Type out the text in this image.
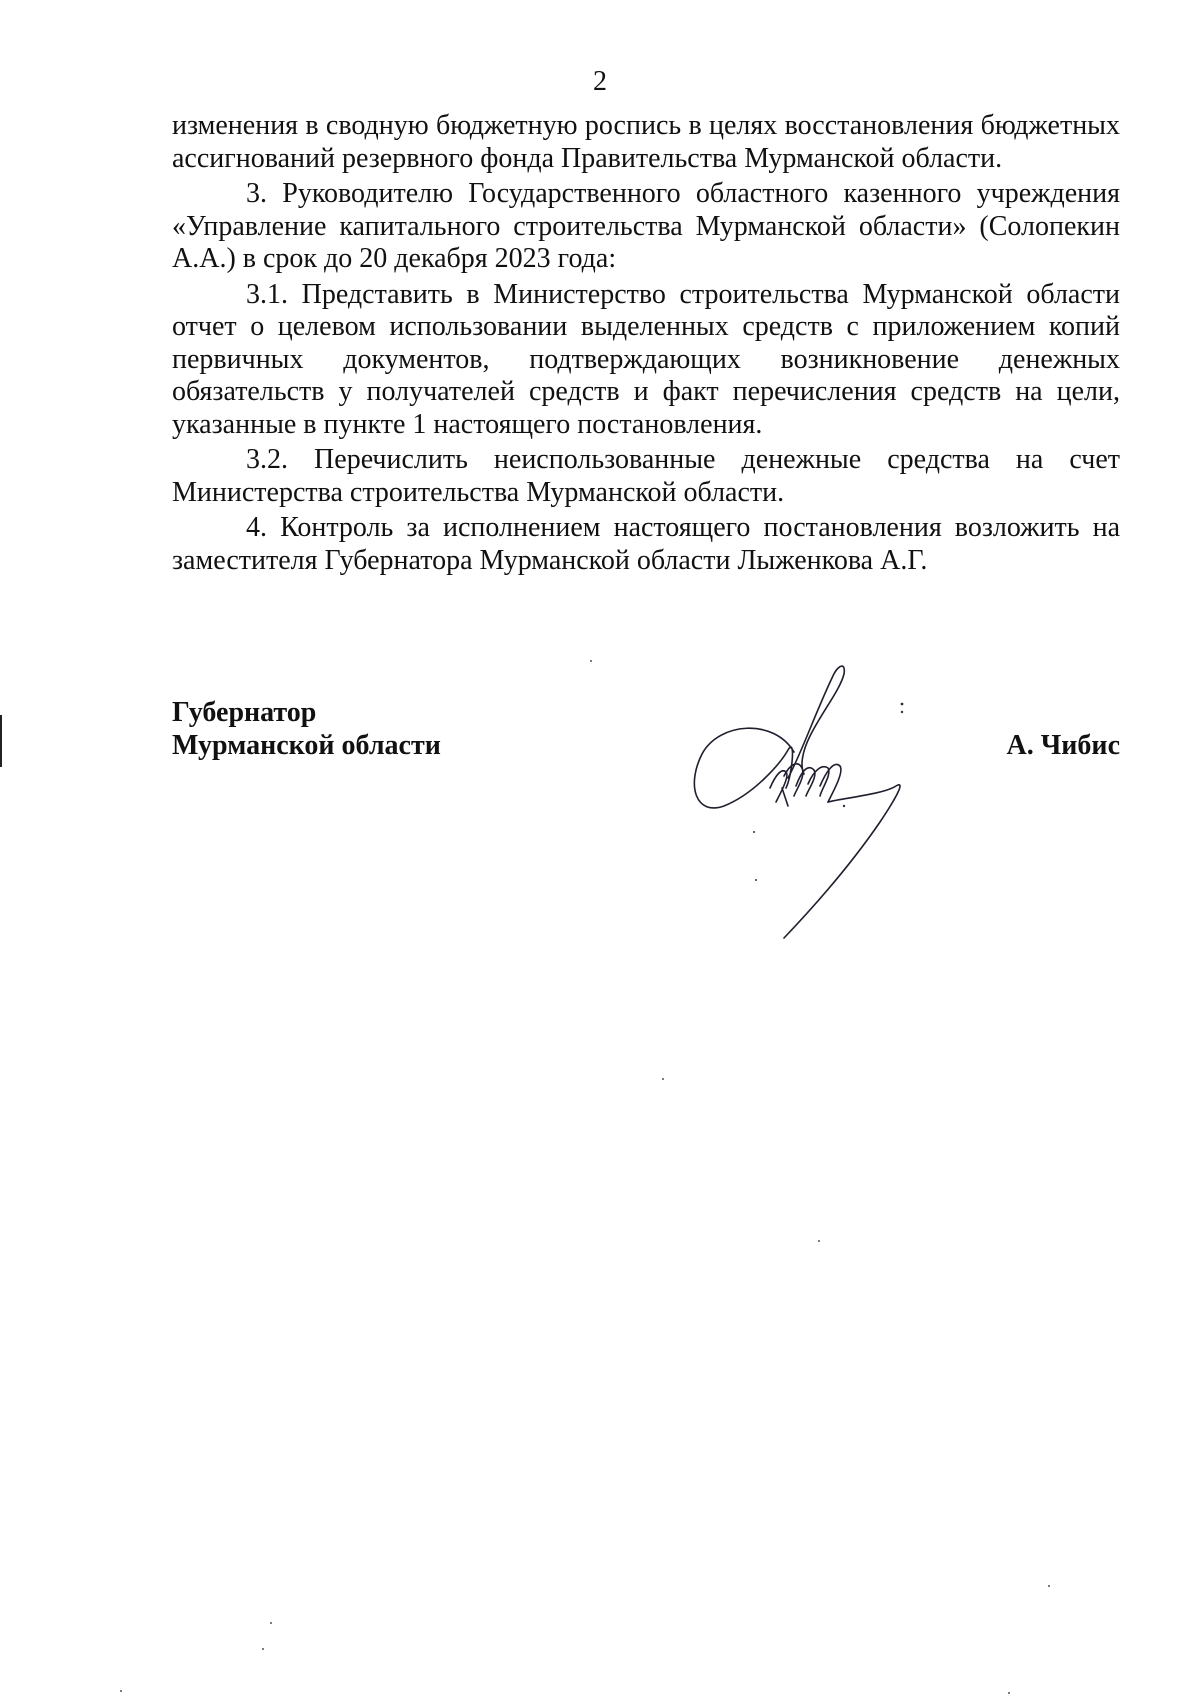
2

изменения в сводную бюджетную роспись в целях восстановления бюджетных ассигнований резервного фонда Правительства Мурманской области.

3. Руководителю Государственного областного казенного учреждения «Управление капитального строительства Мурманской области» (Солопекин А.А.) в срок до 20 декабря 2023 года:

3.1. Представить в Министерство строительства Мурманской области отчет о целевом использовании выделенных средств с приложением копий первичных документов, подтверждающих возникновение денежных обязательств у получателей средств и факт перечисления средств на цели, указанные в пункте 1 настоящего постановления.

3.2. Перечислить неиспользованные денежные средства на счет Министерства строительства Мурманской области.

4. Контроль за исполнением настоящего постановления возложить на заместителя Губернатора Мурманской области Лыженкова А.Г.

Губернатор
Мурманской области	А. Чибис
